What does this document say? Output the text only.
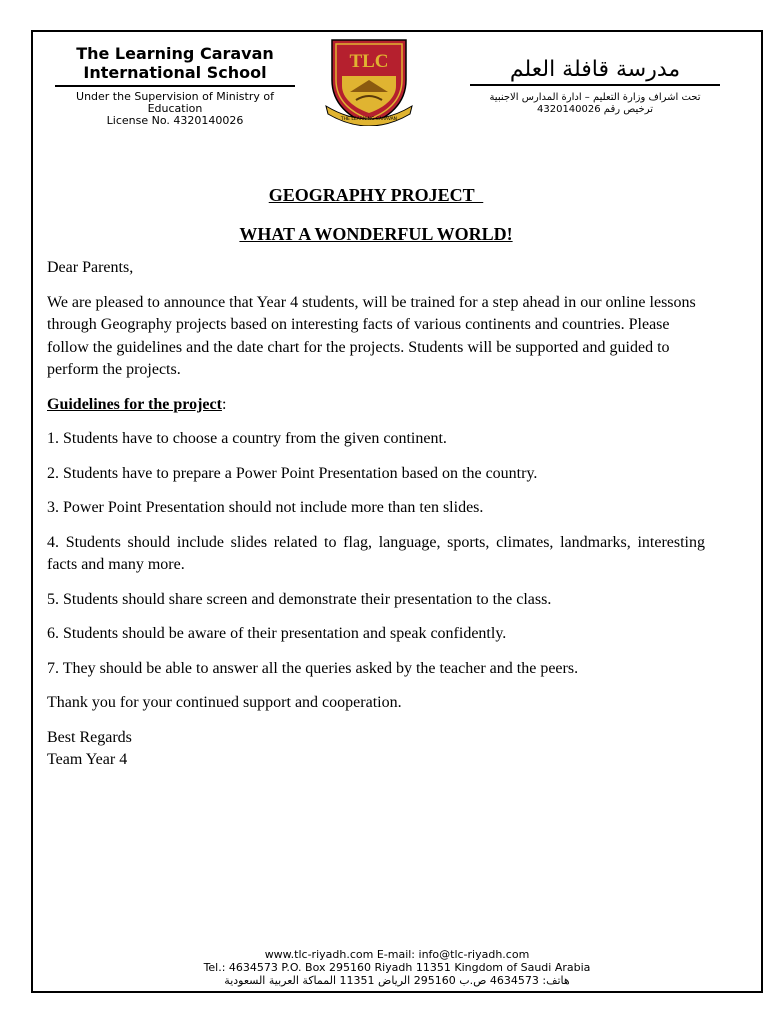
The Learning Caravan International School
Under the Supervision of Ministry of Education
License No. 4320140026
TLC
THE LEARNING CARAVAN
مدرسة قافلة العلم
تحت اشراف وزارة التعليم – ادارة المدارس الاجنبية
ترخيص رقم 4320140026
GEOGRAPHY PROJECT
WHAT A WONDERFUL WORLD!
Dear Parents,
We are pleased to announce that Year 4 students, will be trained for a step ahead in our online lessons through Geography projects based on interesting facts of various continents and countries. Please follow the guidelines and the date chart for the projects. Students will be supported and guided to perform the projects.
Guidelines for the project:
1. Students have to choose a country from the given continent.
2. Students have to prepare a Power Point Presentation based on the country.
3. Power Point Presentation should not include more than ten slides.
4. Students should include slides related to flag, language, sports, climates, landmarks, interesting facts and many more.
5. Students should share screen and demonstrate their presentation to the class.
6. Students should be aware of their presentation and speak confidently.
7. They should be able to answer all the queries asked by the teacher and the peers.
Thank you for your continued support and cooperation.
Best Regards
Team Year 4
www.tlc-riyadh.com E-mail: info@tlc-riyadh.com
Tel.: 4634573 P.O. Box 295160 Riyadh 11351 Kingdom of Saudi Arabia
هاتف: 4634573 ص.ب 295160 الرياض 11351 المماكة العربية السعودية
